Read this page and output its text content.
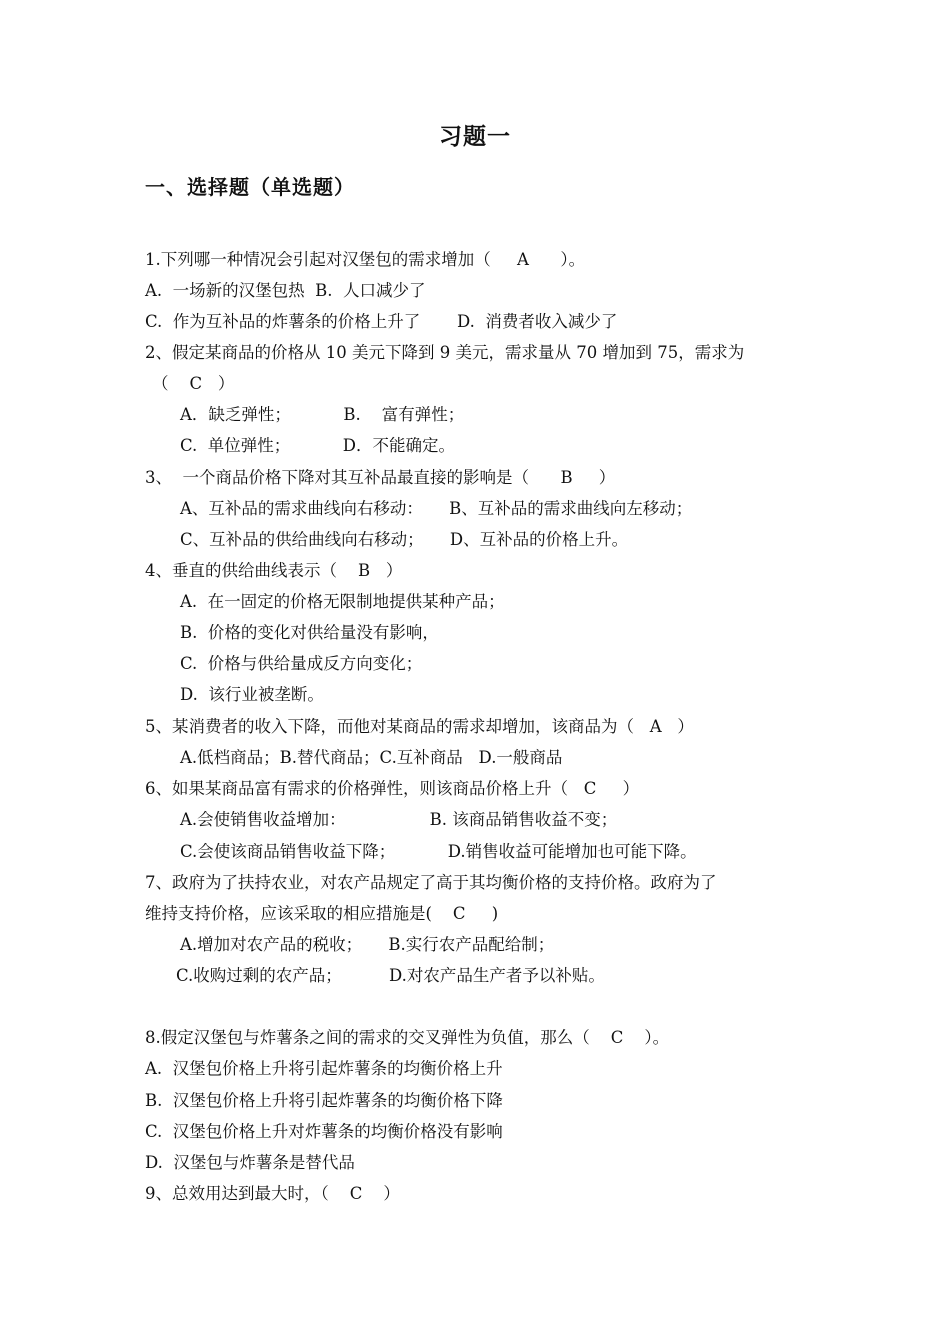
习题一
一、选择题（单选题）
1.下列哪一种情况会引起对汉堡包的需求增加（     A      ）。
A.  一场新的汉堡包热  B.  人口减少了
C.  作为互补品的炸薯条的价格上升了       D.  消费者收入减少了
2、假定某商品的价格从 10 美元下降到 9 美元，需求量从 70 增加到 75，需求为
（    C   ）
A．缺乏弹性；          B.    富有弹性；
C.  单位弹性；          D．不能确定。
3、  一个商品价格下降对其互补品最直接的影响是（      B     ）
A、互补品的需求曲线向右移动：     B、互补品的需求曲线向左移动；
C、互补品的供给曲线向右移动；     D、互补品的价格上升。
4、垂直的供给曲线表示（    B   ）
A.  在一固定的价格无限制地提供某种产品；
B.  价格的变化对供给量没有影响，
C.  价格与供给量成反方向变化；
D.  该行业被垄断。
5、某消费者的收入下降，而他对某商品的需求却增加，该商品为（   A   ）
A.低档商品；B.替代商品；C.互补商品   D.一般商品
6、如果某商品富有需求的价格弹性，则该商品价格上升（   C     ）
A.会使销售收益增加：                B. 该商品销售收益不变；
C.会使该商品销售收益下降；          D.销售收益可能增加也可能下降。
7、政府为了扶持农业，对农产品规定了高于其均衡价格的支持价格。政府为了
维持支持价格，应该采取的相应措施是(    C     )
A.增加对农产品的税收；     B.实行农产品配给制；
C.收购过剩的农产品；         D.对农产品生产者予以补贴。
8.假定汉堡包与炸薯条之间的需求的交叉弹性为负值，那么（    C    ）。
A.  汉堡包价格上升将引起炸薯条的均衡价格上升
B.  汉堡包价格上升将引起炸薯条的均衡价格下降
C.  汉堡包价格上升对炸薯条的均衡价格没有影响
D.  汉堡包与炸薯条是替代品
9、总效用达到最大时，（    C    ）
